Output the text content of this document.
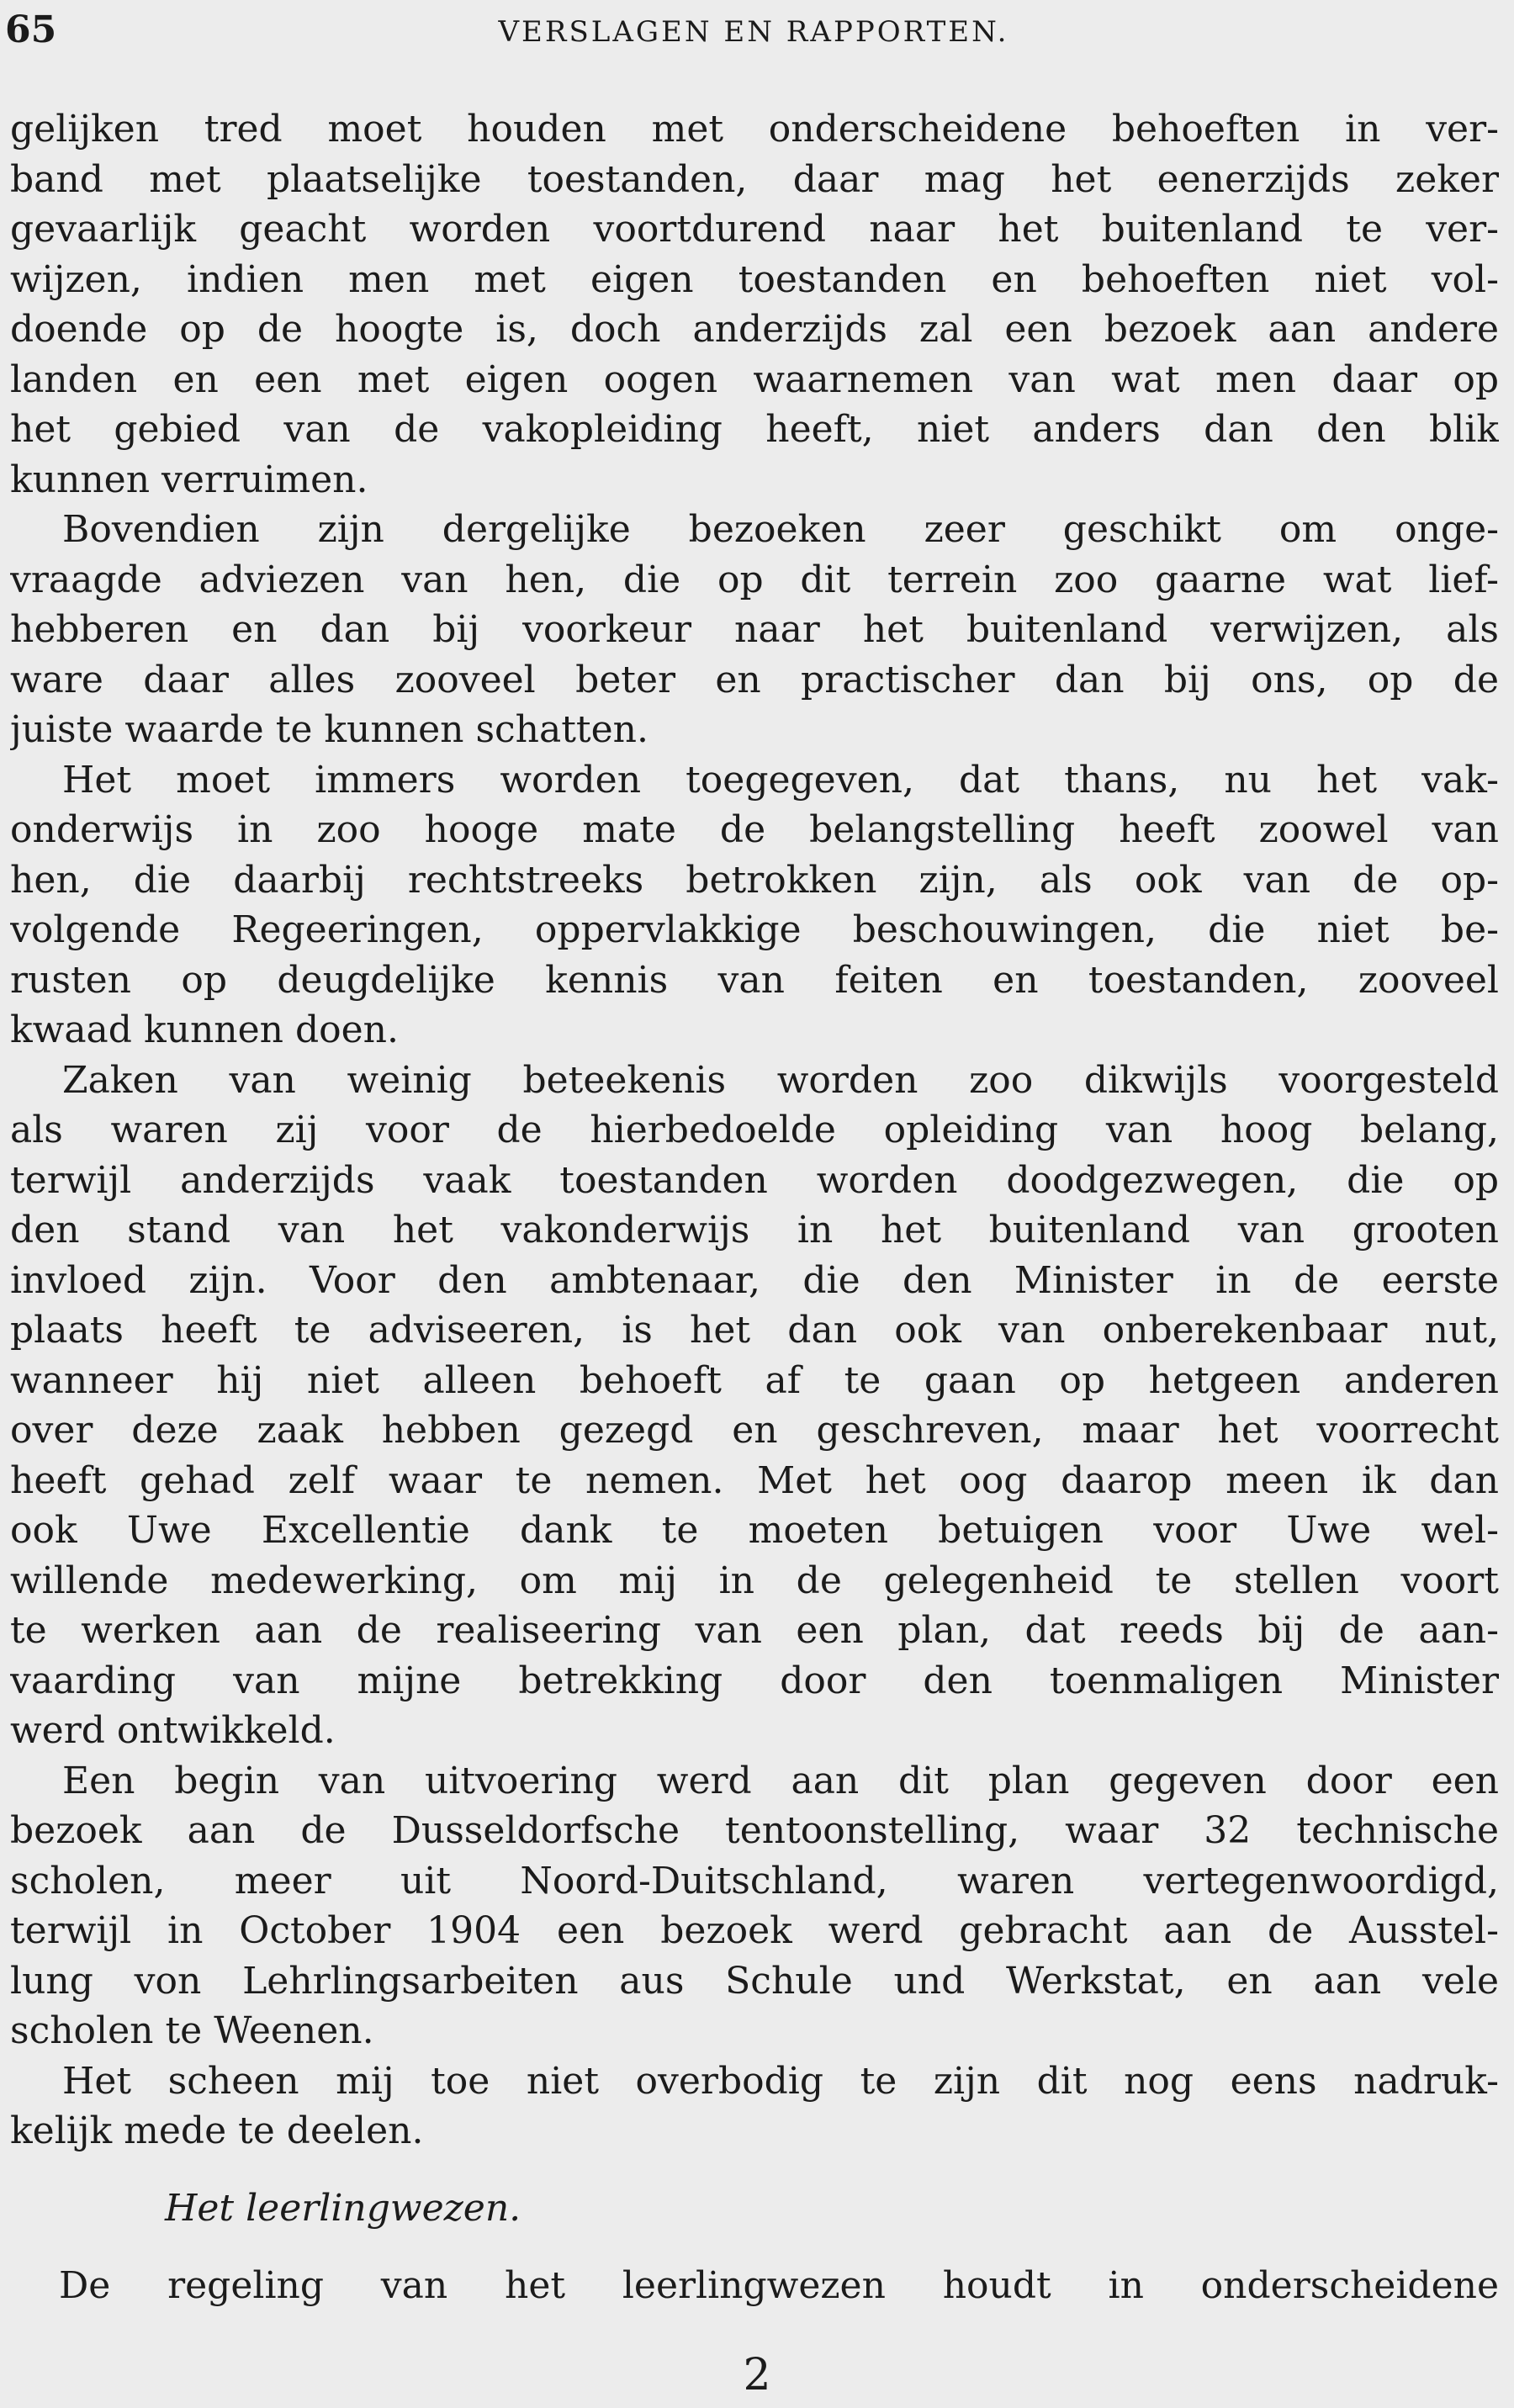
65	VERSLAGEN EN RAPPORTEN.
gelijken tred moet houden met onderscheidene behoeften in ver-
band met plaatselijke toestanden, daar mag het eenerzijds zeker
gevaarlijk geacht worden voortdurend naar het buitenland te ver-
wijzen, indien men met eigen toestanden en behoeften niet vol-
doende op de hoogte is, doch anderzijds zal een bezoek aan andere
landen en een met eigen oogen waarnemen van wat men daar op
het gebied van de vakopleiding heeft, niet anders dan den blik
kunnen verruimen.
Bovendien zijn dergelijke bezoeken zeer geschikt om onge-
vraagde adviezen van hen, die op dit terrein zoo gaarne wat lief-
hebberen en dan bij voorkeur naar het buitenland verwijzen, als
ware daar alles zooveel beter en practischer dan bij ons, op de
juiste waarde te kunnen schatten.
Het moet immers worden toegegeven, dat thans, nu het vak-
onderwijs in zoo hooge mate de belangstelling heeft zoowel van
hen, die daarbij rechtstreeks betrokken zijn, als ook van de op-
volgende Regeeringen, oppervlakkige beschouwingen, die niet be-
rusten op deugdelijke kennis van feiten en toestanden, zooveel
kwaad kunnen doen.
Zaken van weinig beteekenis worden zoo dikwijls voorgesteld
als waren zij voor de hierbedoelde opleiding van hoog belang,
terwijl anderzijds vaak toestanden worden doodgezwegen, die op
den stand van het vakonderwijs in het buitenland van grooten
invloed zijn. Voor den ambtenaar, die den Minister in de eerste
plaats heeft te adviseeren, is het dan ook van onberekenbaar nut,
wanneer hij niet alleen behoeft af te gaan op hetgeen anderen
over deze zaak hebben gezegd en geschreven, maar het voorrecht
heeft gehad zelf waar te nemen. Met het oog daarop meen ik dan
ook Uwe Excellentie dank te moeten betuigen voor Uwe wel-
willende medewerking, om mij in de gelegenheid te stellen voort
te werken aan de realiseering van een plan, dat reeds bij de aan-
vaarding van mijne betrekking door den toenmaligen Minister
werd ontwikkeld.
Een begin van uitvoering werd aan dit plan gegeven door een
bezoek aan de Dusseldorfsche tentoonstelling, waar 32 technische
scholen, meer uit Noord-Duitschland, waren vertegenwoordigd,
terwijl in October 1904 een bezoek werd gebracht aan de Ausstel-
lung von Lehrlingsarbeiten aus Schule und Werkstat, en aan vele
scholen te Weenen.
Het scheen mij toe niet overbodig te zijn dit nog eens nadruk-
kelijk mede te deelen.
Het leerlingwezen.
De regeling van het leerlingwezen houdt in onderscheidene
2
